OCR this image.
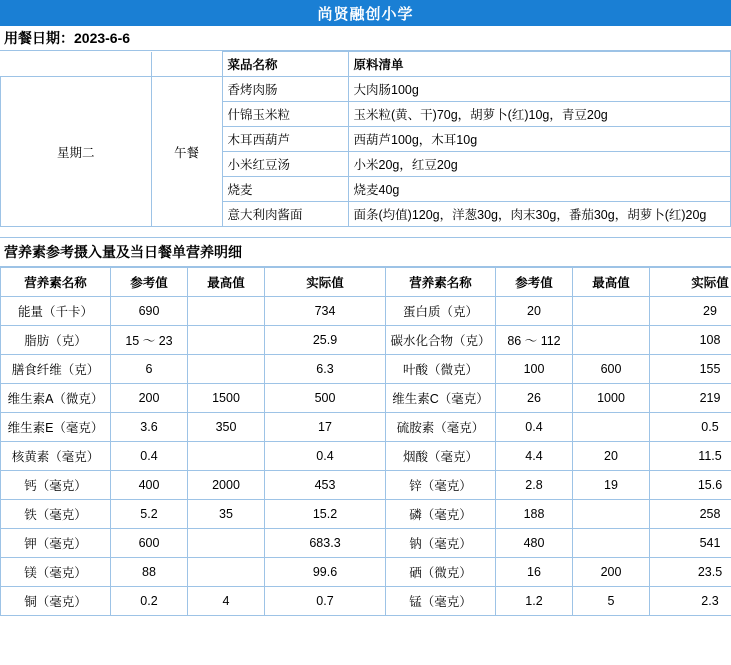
尚贤融创小学
用餐日期：2023-6-6
		菜品名称	原料清单
星期二	午餐	香烤肉肠	大肉肠100g
		什锦玉米粒	玉米粒(黄、干)70g，胡萝卜(红)10g，青豆20g
		木耳西葫芦	西葫芦100g，木耳10g
		小米红豆汤	小米20g，红豆20g
		烧麦	烧麦40g
		意大利肉酱面	面条(均值)120g，洋葱30g，肉末30g，番茄30g，胡萝卜(红)20g

营养素参考摄入量及当日餐单营养明细
营养素名称	参考值	最高值	实际值	营养素名称	参考值	最高值	实际值
能量（千卡）	690		734	蛋白质（克）	20		29
脂肪（克）	15 ～ 23		25.9	碳水化合物（克）	86 ～ 112		108
膳食纤维（克）	6		6.3	叶酸（微克）	100	600	155
维生素A（微克）	200	1500	500	维生素C（毫克）	26	1000	219
维生素E（毫克）	3.6	350	17	硫胺素（毫克）	0.4		0.5
核黄素（毫克）	0.4		0.4	烟酸（毫克）	4.4	20	11.5
钙（毫克）	400	2000	453	锌（毫克）	2.8	19	15.6
铁（毫克）	5.2	35	15.2	磷（毫克）	188		258
钾（毫克）	600		683.3	钠（毫克）	480		541
镁（毫克）	88		99.6	硒（微克）	16	200	23.5
铜（毫克）	0.2	4	0.7	锰（毫克）	1.2	5	2.3
